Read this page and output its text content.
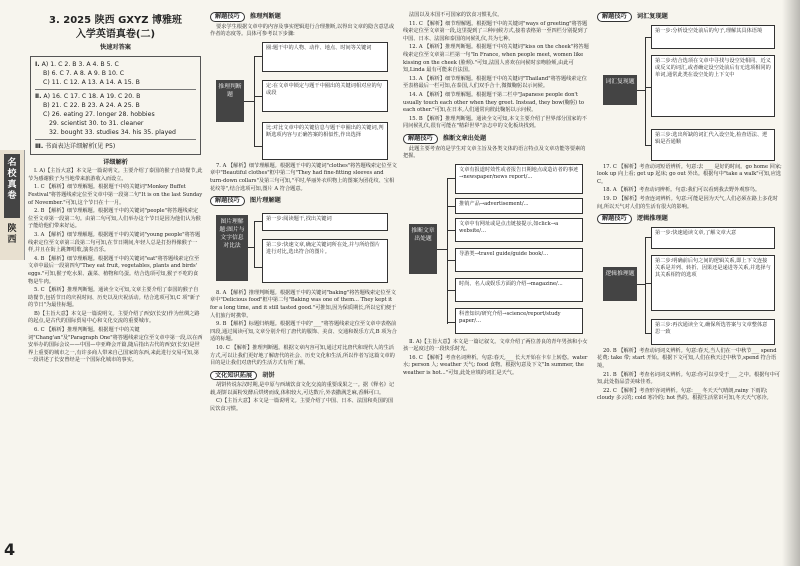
名校真卷
陕西
4
3. 2025 陕西 GXYZ 博雅班
入学英语真卷(二)
快速对答案
Ⅰ. A) 1. C 2. B 3. A 4. B 5. C
B) 6. C 7. A 8. A 9. B 10. C
C) 11. C 12. A 13. A 14. A 15. B
Ⅱ. A) 16. C 17. C 18. A 19. C 20. B
B) 21. C 22. B 23. A 24. A 25. B
C) 26. eating 27. longer 28. hobbies
29. scientist 30. to 31. cleaner
32. bought 33. studies 34. his 35. played
Ⅲ. 书面表达详细解析(见 P5)
详细解析

Ⅰ. A)【主旨大意】本文是一篇说明文。主要介绍了泰国的猴子自助餐节,此节为感谢猴子为当地带来旅游收入而设立。

1. C 【解析】细节理解题。根据题干中的关键词"Monkey Buffet Festival"将答题线索定位至文章中第一段第二句"It is on the last Sunday of November."可知,这个节日在十一月。

2. B 【解析】细节理解题。根据题干中的关键词"people"将答题线索定位至文章第一段第二句。由第二句可知,人们举办这个节日是因为他们认为猴子能给他们带来好运。

3. A 【解析】细节理解题。根据题干中的关键词"young people"将答题线索定位至文章第三段第二句可知,在节日期间,年轻人总是打扮得像猴子一样,并且在街上跳舞唱歌,演奏音乐。

4. B 【解析】细节理解题。根据题干中的关键词"eat"将答题线索定位至文章中最后一段第四句"They eat fruit, vegetables, plants and birds' eggs."可知,猴子吃水果、蔬菜、植物和鸟蛋。结合选项可知,猴子不吃的食物是牛肉。

5. C 【解析】推理判断题。通读全文可知,文章主要介绍了泰国的猴子自助餐节,包括节日的庆祝时间、历史以及庆祝活动。结合选项可知,C 项"新子的节日"为最佳标题。

B)【主旨大意】本文是一篇说明文。主要介绍了西安(长安)作为丝绸之路的起点,是古代的国际贸易中心和文化交流的重要城市。

6. C 【解析】推理判断题。根据题干中的关键词"Chang'an"及"Paragraph One"将答题线索定位至文章中第一段,以在西安举办的国际会议——中国—中亚峰会开篇,随后指出古代的西安(长安)是世界上重要的城市之一,有许多商人带来自己国家的东西,来此进行交易可知,第一段讲述了长安曾经是一个国际化城市的事实。

解题技巧 推理判断题

要求学生根据文章中的内容及事实逻辑进行合理推断,以得出文章的隐含意思或作者的态度等。具体可参考以下步骤:

推理判断题
圈:题干中的人物、动作、地点、时间等关键词
定:在文章中锁定与题干中圈出的关键词相对应的句或段
比:对比文章中的关键信息与题干中圈出的关键词,判断选项内容与正确答案的相似性,作出选择

7. A 【解析】细节理解题。根据题干中的关键词"clothes"将答题线索定位至文章中"Beautiful clothes"框中第二句"They had fine-fitting sleeves and turn-down collars"及第三句可知,"平时,华丽外衣织物上的图案为团花纹、宝相花纹等",结合选项可知,图片 A 符合题意。

解题技巧 图片理解题
图片理解题:图片与文字信息对比法
第一步:阅读题干,找出关键词
第二步:快速文章,确定关键词所在处,并与所给图片进行对比,选出符合的图片。

8. A 【解析】推理判断题。根据题干中的关键词"baking"将答题线索定位至文章中"Delicious food"框中第二句"Baking was one of them... They kept it for a long time, and it still tasted good."可推知,因为保质期长,所以它们便于人们旅行时携带。

9. B 【解析】标题归纳题。根据题干中的"___"将答题线索定位至文章中表格前四段,通过阅读可知,文章分别介绍了唐代的服饰、美食、交通和娱乐方式,B 项为合适的标题。

10. C 【解析】推理判断题。根据文章内容可知,通过对比唐代和现代人的生活方式,可以让我们更好地了解唐代的社会、历史文化和生活,所以作者写这篇文章的目的是让我们对唐代的生活方式有所了解。

文化知识拓展 胡饼

胡饼传说东汉时期,是中原与西域饮食文化交流的重要成果之一。据《释名》记载,胡饼以面粉发酵后烘烤而成,体积较大,可达数斤,外表撒满芝麻,香酥可口。

C)【主旨大意】本文是一篇说明文。主要介绍了中国、日本、法国和英国的国民饮食习惯。

法国以及本国不可国家的饮食习惯礼仪。

11. C 【解析】细节理解题。根据题干中的关键词"ways of greeting"将答题线索定位至文章第一段,这里提到了三种问候方式,接着表格第一至四栏分别提到了中国、日本、法国和泰国的问候礼仪,共为七种。

12. A 【解析】推理判断题。根据题干中的关键词"kiss on the cheek"将答题线索定位至文章第三栏第一句"In France, when people meet, women like kissing on the cheek (脸颊)."可知,法国人喜欢在问候时亲吻脸颊,由此可知,Linda 最有可能来自法国。

13. A 【解析】细节理解题。根据题干中的关键词"Thailand"将答题线索定位至表格最后一栏可知,在泰国,人们双手合十,微微鞠躬以示问候。

14. A 【解析】细节理解题。根据题干第二栏中"Japanese people don't usually touch each other when they greet. Instead, they bow(鞠躬) to each other."可知,在日本,人们通常向彼此鞠躬以示问候。

15. B 【解析】推理判断题。通读全文可知,本文主要介绍了世界部分国家的不同问候礼仪,很有可能在"精彩世界"杂志中的文化板块找到。

解题技巧 推断文章出处题

此题主要考查的是学生对文章主旨及各类文体的语言特点及文章功能等要素的把握。

推断文章出处题
文章有报道时效性或者报告日期地点或造访者的事迹→newspaper/news report/...
推销产品→advertisement/...
文章中有网址或是点击链接提示,如click→a website/...
导游类→travel guide/guide book/...
时尚、名人或娱乐方面的介绍→magazine/...
科普知识/研究介绍→science/report/study paper/...

Ⅱ. A)【主旨大意】本文是一篇记叙文。文章介绍了两位善良的青年男孩和小女孩一起度过的一段快乐时光。

16. C 【解析】考查名词辨析。句意:春天,___ 长大开始在卡车上转悠。water 水; person 人; weather 天气; food 食物。根据句意及下文"In summer, the weather is hot..."可知,此处应填的词汇是天气。

解题技巧 词汇复现题
词汇复现题
第一步:分析设空处前后的句子,理解其具体语境
第二步:结合选项在文章中寻找与设空处相同、近义或反义的词汇,或者确定设空处前后有无选项相同的单词,通常此类在设空处的上下文中
第三步:选出所缺的词汇代入设空处,检查语法、逻辑是否通顺

17. C 【解析】考查动词短语辨析。句意:去 ___ 是好的时间。go home 回家; look up 向上看; get up 起床; go out 外出。根据句中"take a walk"可知,应选 C。

18. A 【解析】考查动词辨析。句意:我们可以看到我去野外观察鸟。

19. D 【解析】考查连词辨析。句意:可能是因为天气,人们必须在路上多花时间,所以天气对人们的生活有很大的影响。

解题技巧 逻辑推理题
逻辑推理题
第一步:快速通读文章,了解文章大意
第二步:明确前后句之间的逻辑关系,即上下文连接关系是并列、转折、因果还是递进等关系,并选择与其关系相符的选项
第三步:再次通读全文,确保所选答案与文章整体意思一致

20. B 【解析】考查动词词义辨析。句意:春天,当人们在一中秋节___ spend 花费; take 带; start 开始。根据下文可知,人们在秋天过中秋节,spend 符合语境。

21. B 【解析】考查名词词义辨析。句意:你可以享受于___ 之中。根据句中可知,此处指品尝美味佳肴。

22. C 【解析】考查形容词辨析。句意:___ 冬天天气晴朗,rainy 下雨的; cloudy 多云的; cold 寒冷的; hot 热的。根据生活常识可知,冬天天气寒冷。
